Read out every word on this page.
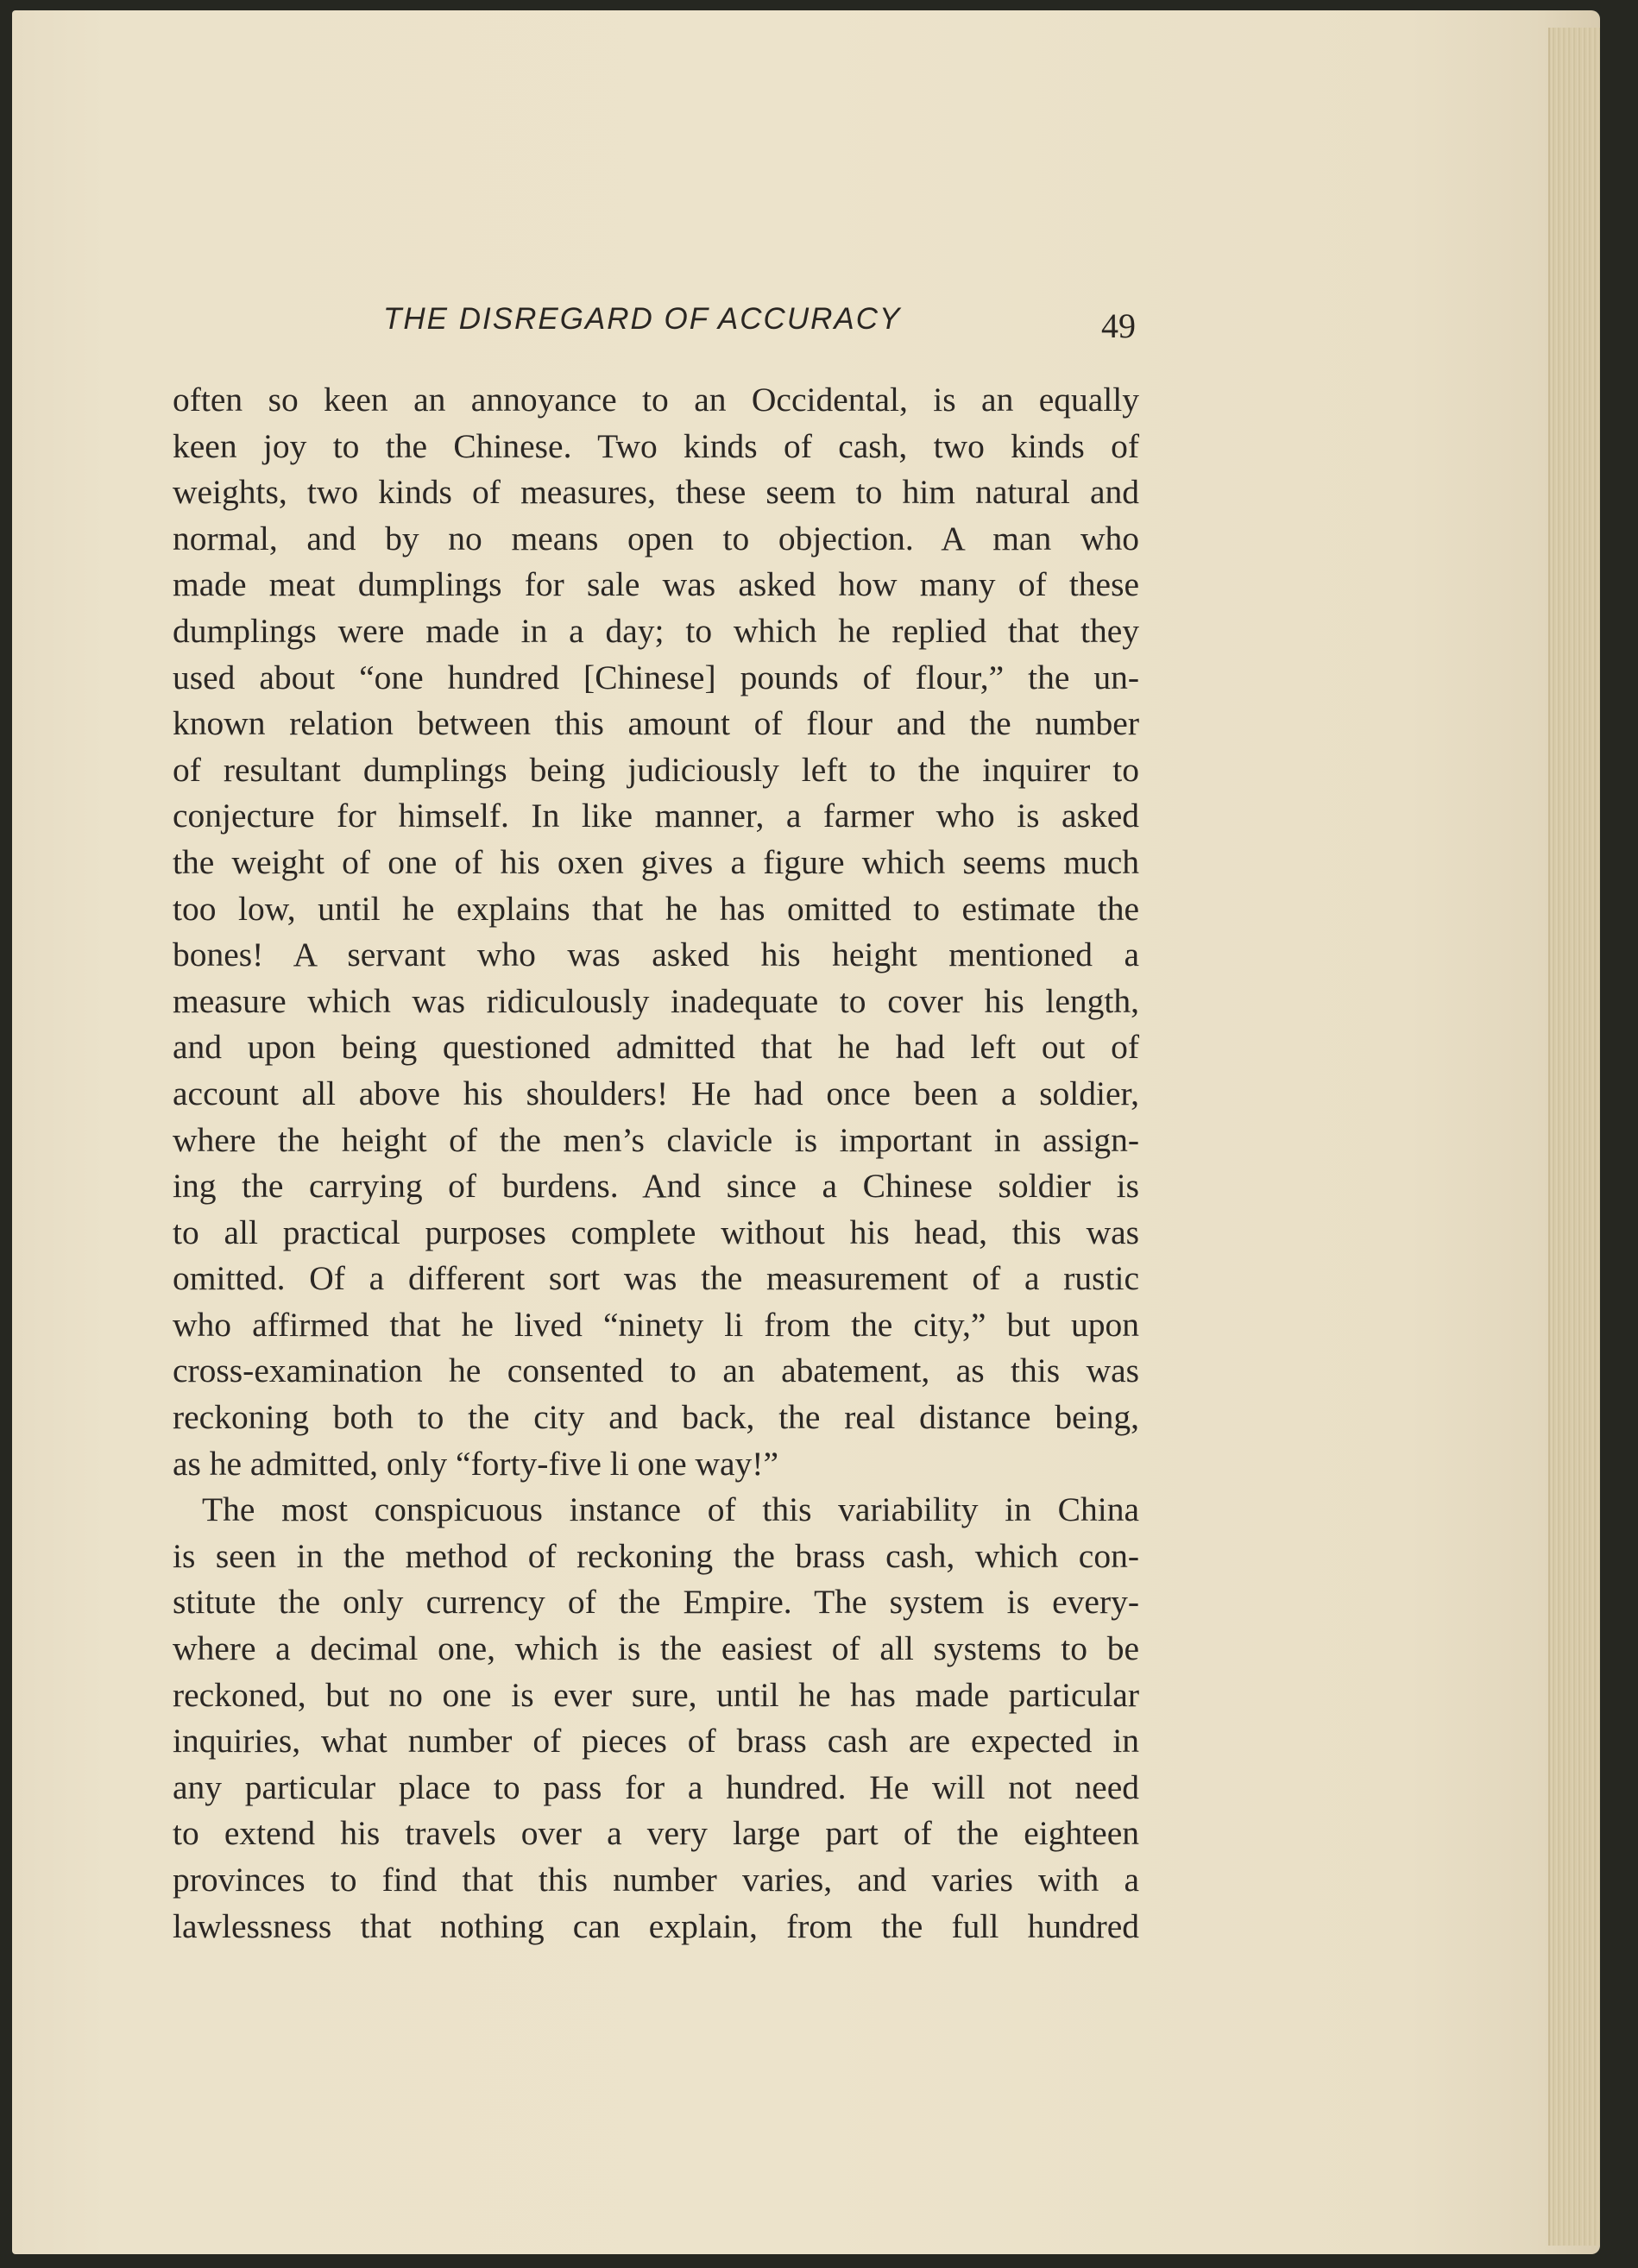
THE DISREGARD OF ACCURACY	49
often so keen an annoyance to an Occidental, is an equally
keen joy to the Chinese. Two kinds of cash, two kinds of
weights, two kinds of measures, these seem to him natural and
normal, and by no means open to objection. A man who
made meat dumplings for sale was asked how many of these
dumplings were made in a day; to which he replied that they
used about “one hundred [Chinese] pounds of flour,” the un-
known relation between this amount of flour and the number
of resultant dumplings being judiciously left to the inquirer to
conjecture for himself. In like manner, a farmer who is asked
the weight of one of his oxen gives a figure which seems much
too low, until he explains that he has omitted to estimate the
bones! A servant who was asked his height mentioned a
measure which was ridiculously inadequate to cover his length,
and upon being questioned admitted that he had left out of
account all above his shoulders! He had once been a soldier,
where the height of the men’s clavicle is important in assign-
ing the carrying of burdens. And since a Chinese soldier is
to all practical purposes complete without his head, this was
omitted. Of a different sort was the measurement of a rustic
who affirmed that he lived “ninety li from the city,” but upon
cross-examination he consented to an abatement, as this was
reckoning both to the city and back, the real distance being,
as he admitted, only “forty-five li one way!”
The most conspicuous instance of this variability in China
is seen in the method of reckoning the brass cash, which con-
stitute the only currency of the Empire. The system is every-
where a decimal one, which is the easiest of all systems to be
reckoned, but no one is ever sure, until he has made particular
inquiries, what number of pieces of brass cash are expected in
any particular place to pass for a hundred. He will not need
to extend his travels over a very large part of the eighteen
provinces to find that this number varies, and varies with a
lawlessness that nothing can explain, from the full hundred
